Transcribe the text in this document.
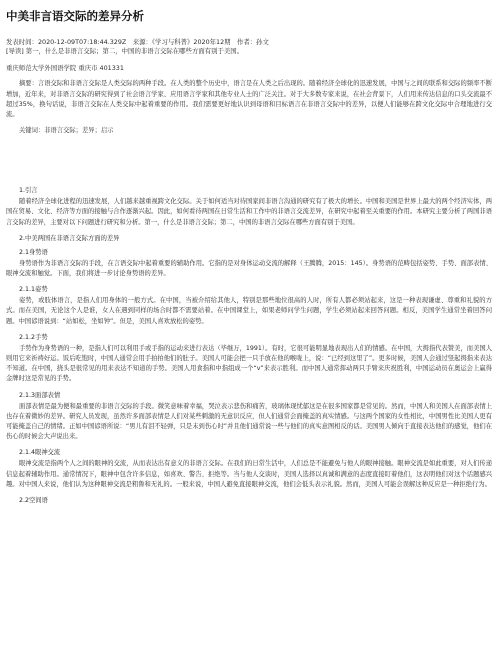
中美非言语交际的差异分析
发表时间：2020-12-09T07:18:44.329Z　来源：《学习与科普》2020年12期　作者：孙文
[导读] 第一，什么是非语言交际；第二，中国的非语言交际在哪些方面有别于美国。
重庆师范大学外国语学院 重庆市 401331
摘要：言语交际和非语言交际是人类交际的两种手段。在人类的整个历史中，语言是在人类之后出现的。随着经济全球化的迅速发展，中国与之间的联系和交际的频率不断增加，近年来，对非语言交际的研究得到了社会语言学家、应用语言学家和其他专业人士的广泛关注。对于大多数专家来说，在社会背景下，人们用来传达信息的口头交流最不超过35%，换句话说，非语言交际在人类交际中起着重要的作用。我们需要更好地认识到母语和目标语言在非语言交际中的差异，以便人们能够在跨文化交际中合理地进行交流。
关键词：非语言交际；差异；启示
1.引言
随着经济全球化进程的迅速发展，人们越来越重视跨文化交际。关于如何适当对待国家间非语言沟通的研究有了极大的增长。中国和美国是世界上最大的两个经济实体，两国在贸易、文化、经济等方面的接触与合作逐渐兴起。因此，如何看待两国在日常生活和工作中的非语言交流差异，在研究中起着至关重要的作用。本研究主要分析了两国非语言交际的差异，主要对以下问题进行研究和分析。第一，什么是非语言交际；第二，中国的非语言交际在哪些方面有别于美国。
2.中美两国在非语言交际方面的差异
2.1身势语
身势语作为非语言交际的手段，在言语交际中起着重要的辅助作用。它指的是对身体运动交流的解释（王腾腾，2015：145）。身势语的范畴包括姿势、手势、面部表情、眼神交流和触觉。下面，我们将进一步讨论身势语的差异。
2.1.1姿势
姿势，或肢体语言，是指人们用身体的一般方式。在中国，当被介绍给其他人，特别是那些地位很高的人时，所有人都必须站起来，这是一种表现谦虚、尊重和礼貌的方式。而在美国，无论这个人是谁，女人在遇到同样的场合时都不需要站着。在中国课堂上，如果老师问学生问题，学生必须站起来回答问题。相反，美国学生通常坐着回答问题。中国谚语说到：“站如松，坐如钟”。但是，美国人喜欢放松的姿势。
2.1.2手势
手势作为身势语的一种，是指人们可以利用手或手指的运动来进行表达（毕继万，1991）。有时，它很可能明显地表现出人们的情感。在中国，大拇指代表赞美，而美国人则用它来祈祷好运。饭后吃饱时，中国人通常会用手拍拍他们的肚子。美国人可能会把一只手放在他的喉咙上，说：“已经到这里了”。更多时候，美国人会通过竖起拇指来表达不知道。在中国，挠头是很常见的用来表达不知道的手势。美国人用食指和中指组成一个“v”来表示胜利。而中国人通常挥动两只手臂来庆祝胜利，中国运动员在奥运会上赢得金牌时这是常见的手势。
2.1.3面部表情
面部表情是最为便和最重要的非语言交际的手段。微笑意味着幸福，哭泣表示悲伤和痛苦，玻璃体现忧郁这是在很多国家都是常见的。然而，中国人和美国人在面部表情上也存在着微妙的差异。研究人员发现，虽然许多面部表情是人们对某些刺激的无意识反应，但人们通常会面掩盖的真实情感。与这两个国家的女性相比，中国男性比美国人更有可能掩盖自己的情绪。正如中国谚语所说：“男儿有泪不轻弹，只是未到伤心时”并且他们通常说一些与他们的真实意图相反的话。美国男人倾向于直接表达他们的感觉，他们在伤心的时候会大声说出来。
2.1.4眼神交流
眼神交流是指两个人之间的眼神的交流，从而表达出有意义的非语言交际。在我们的日常生活中，人们总是不能避免与他人的眼神接触。眼神交流是如此重要，对人们传递信息起着辅助作用。通常情况下，眼神中包含许多信息，如喜欢、警告、拒绝等。当与他人交谈时，美国人选择以真诚和满意的态度直接盯着他们，这表明他们对这个话题感兴趣。对中国人来说，他们认为这种眼神交流是粗鲁和无礼的。一般来说，中国人避免直接眼神交流，他们会低头表示礼貌。然而，美国人可能会误解这种反应是一种拒绝行为。
2.2空间语
